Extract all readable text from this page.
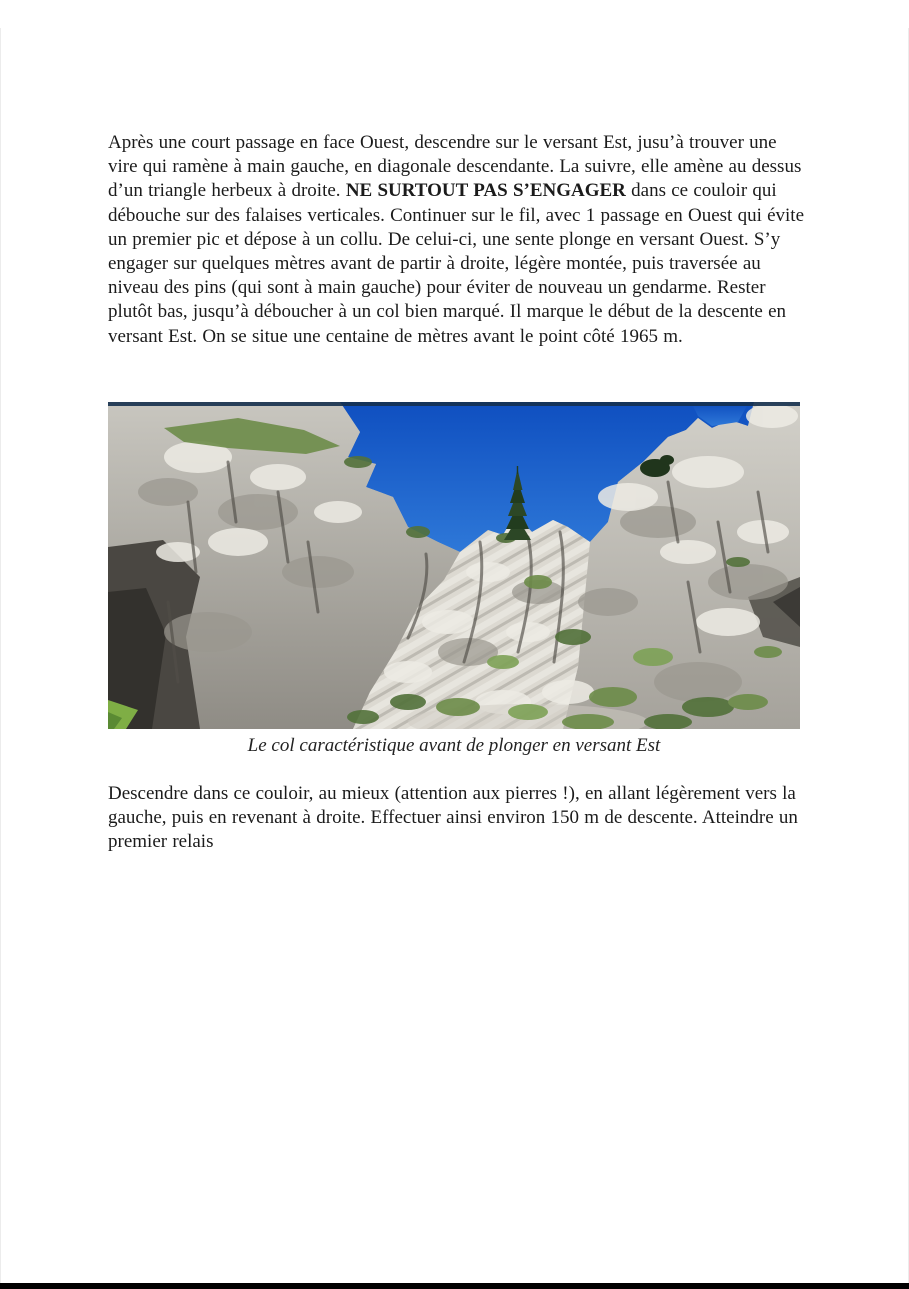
Après une court passage en face Ouest, descendre sur le versant Est, jusu’à trouver une vire qui ramène à main gauche, en diagonale descendante. La suivre, elle amène au dessus d’un triangle herbeux à droite. NE SURTOUT PAS S’ENGAGER dans ce couloir qui débouche sur des falaises verticales. Continuer sur le fil, avec 1 passage en Ouest qui évite un premier pic et dépose à un collu. De celui-ci, une sente plonge en versant Ouest. S’y engager sur quelques mètres avant de partir à droite, légère montée, puis traversée au niveau des pins (qui sont à main gauche) pour éviter de nouveau un gendarme. Rester plutôt bas, jusqu’à déboucher à un col bien marqué. Il marque le début de la descente en versant Est. On se situe une centaine de mètres avant le point côté 1965 m.

Le col caractéristique avant de plonger en versant Est

Descendre dans ce couloir, au mieux (attention aux pierres !), en allant légèrement vers la gauche, puis en revenant à droite. Effectuer ainsi environ 150 m de descente. Atteindre un premier relais
